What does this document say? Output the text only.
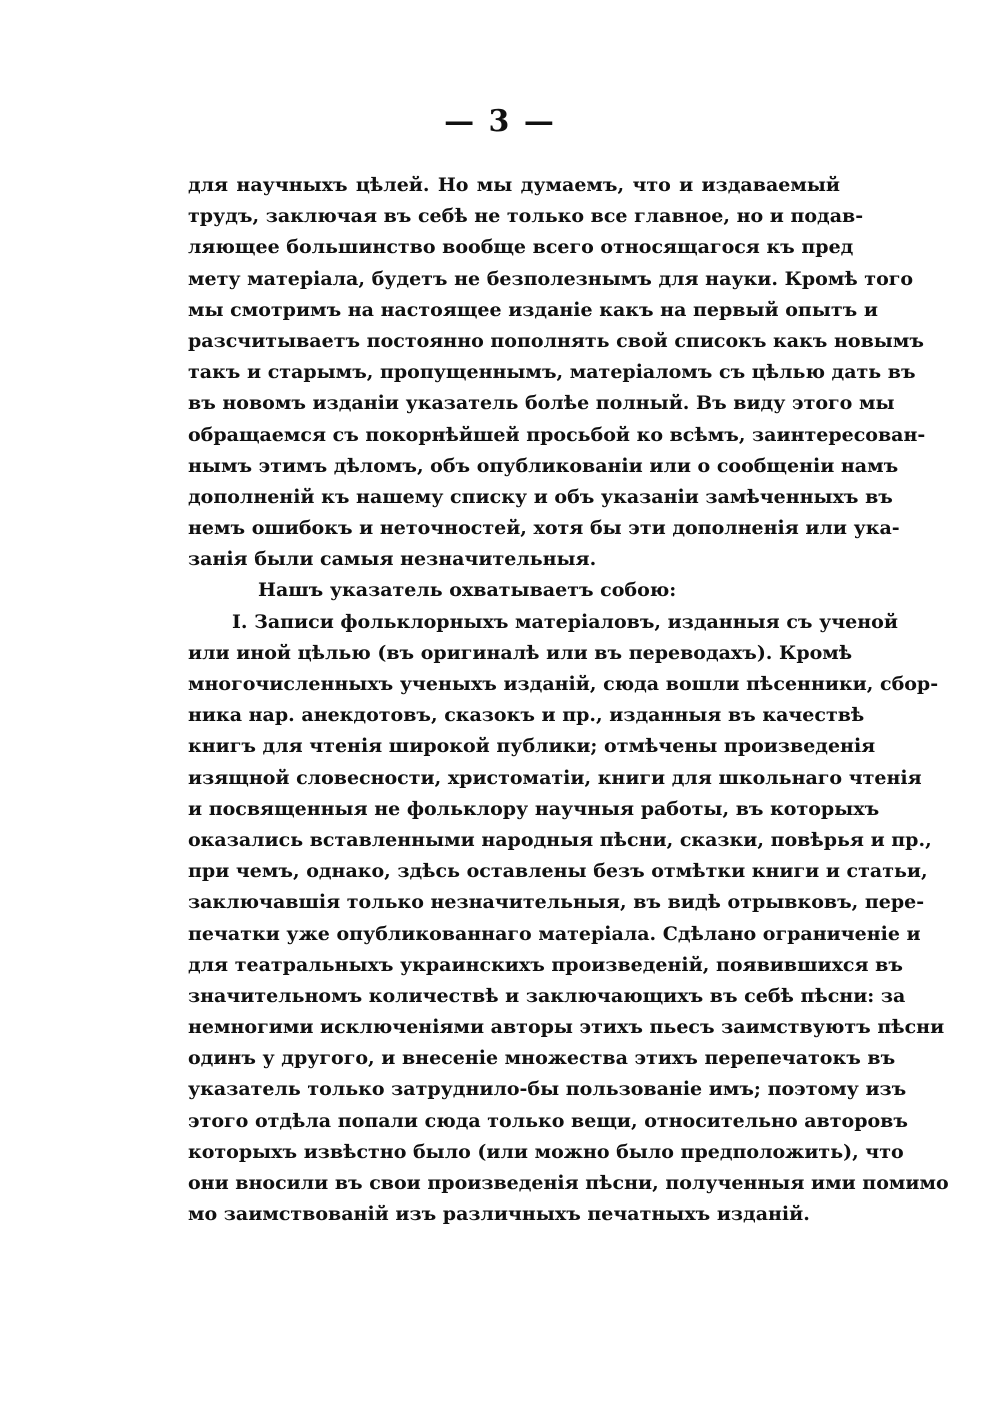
— 3 —
для научныхъ цѣлей. Но мы думаемъ, что и издаваемый
трудъ, заключая въ себѣ не только все главное, но и подав-
ляющее большинство вообще всего относящагося къ пред
мету матеріала, будетъ не безполезнымъ для науки. Кромѣ того
мы смотримъ на настоящее изданіе какъ на первый опытъ и
разсчитываетъ постоянно пополнять свой списокъ какъ новымъ
такъ и старымъ, пропущеннымъ, матеріаломъ съ цѣлью дать въ
въ новомъ изданіи указатель болѣе полный. Въ виду этого мы
обращаемся съ покорнѣйшей просьбой ко всѣмъ, заинтересован-
нымъ этимъ дѣломъ, объ опубликованіи или о сообщеніи намъ
дополненій къ нашему списку и объ указаніи замѣченныхъ въ
немъ ошибокъ и неточностей, хотя бы эти дополненія или ука-
занія были самыя незначительныя.
Нашъ указатель охватываетъ собою:
I. Записи фольклорныхъ матеріаловъ, изданныя съ ученой
или иной цѣлью (въ оригиналѣ или въ переводахъ). Кромѣ
многочисленныхъ ученыхъ изданій, сюда вошли пѣсенники, сбор-
ника нар. анекдотовъ, сказокъ и пр., изданныя въ качествѣ
книгъ для чтенія широкой публики; отмѣчены произведенія
изящной словесности, христоматіи, книги для школьнаго чтенія
и посвященныя не фольклору научныя работы, въ которыхъ
оказались вставленными народныя пѣсни, сказки, повѣрья и пр.,
при чемъ, однако, здѣсь оставлены безъ отмѣтки книги и статьи,
заключавшія только незначительныя, въ видѣ отрывковъ, пере-
печатки уже опубликованнаго матеріала. Сдѣлано ограниченіе и
для театральныхъ украинскихъ произведеній, появившихся въ
значительномъ количествѣ и заключающихъ въ себѣ пѣсни: за
немногими исключеніями авторы этихъ пьесъ заимствуютъ пѣсни
одинъ у другого, и внесеніе множества этихъ перепечатокъ въ
указатель только затруднило-бы пользованіе имъ; поэтому изъ
этого отдѣла попали сюда только вещи, относительно авторовъ
которыхъ извѣстно было (или можно было предположить), что
они вносили въ свои произведенія пѣсни, полученныя ими помимо
мо заимствованій изъ различныхъ печатныхъ изданій.
